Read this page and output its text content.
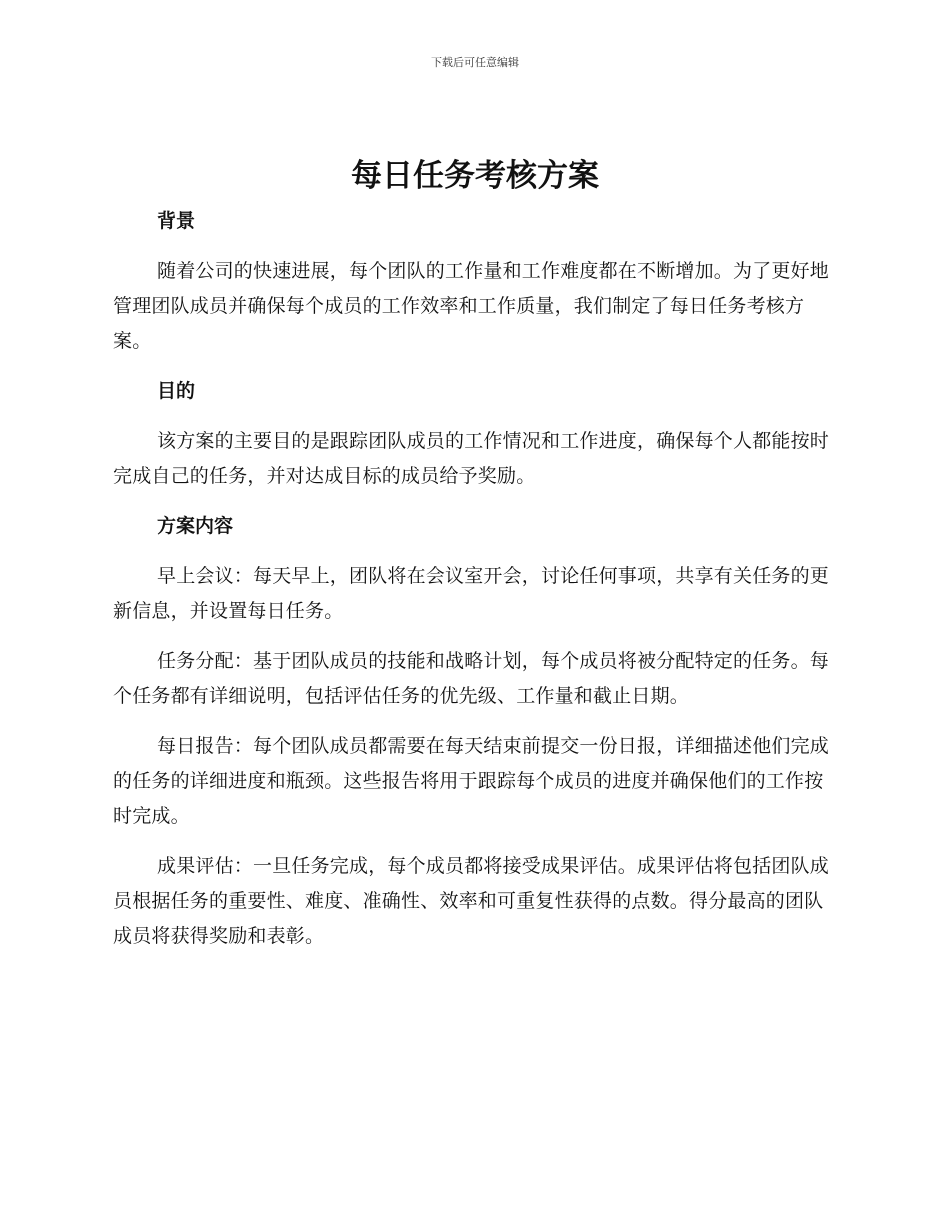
下载后可任意编辑
每日任务考核方案
背景

随着公司的快速进展，每个团队的工作量和工作难度都在不断增加。为了更好地管理团队成员并确保每个成员的工作效率和工作质量，我们制定了每日任务考核方案。

目的

该方案的主要目的是跟踪团队成员的工作情况和工作进度，确保每个人都能按时完成自己的任务，并对达成目标的成员给予奖励。

方案内容

早上会议：每天早上，团队将在会议室开会，讨论任何事项，共享有关任务的更新信息，并设置每日任务。

任务分配：基于团队成员的技能和战略计划，每个成员将被分配特定的任务。每个任务都有详细说明，包括评估任务的优先级、工作量和截止日期。

每日报告：每个团队成员都需要在每天结束前提交一份日报，详细描述他们完成的任务的详细进度和瓶颈。这些报告将用于跟踪每个成员的进度并确保他们的工作按时完成。

成果评估：一旦任务完成，每个成员都将接受成果评估。成果评估将包括团队成员根据任务的重要性、难度、准确性、效率和可重复性获得的点数。得分最高的团队成员将获得奖励和表彰。
